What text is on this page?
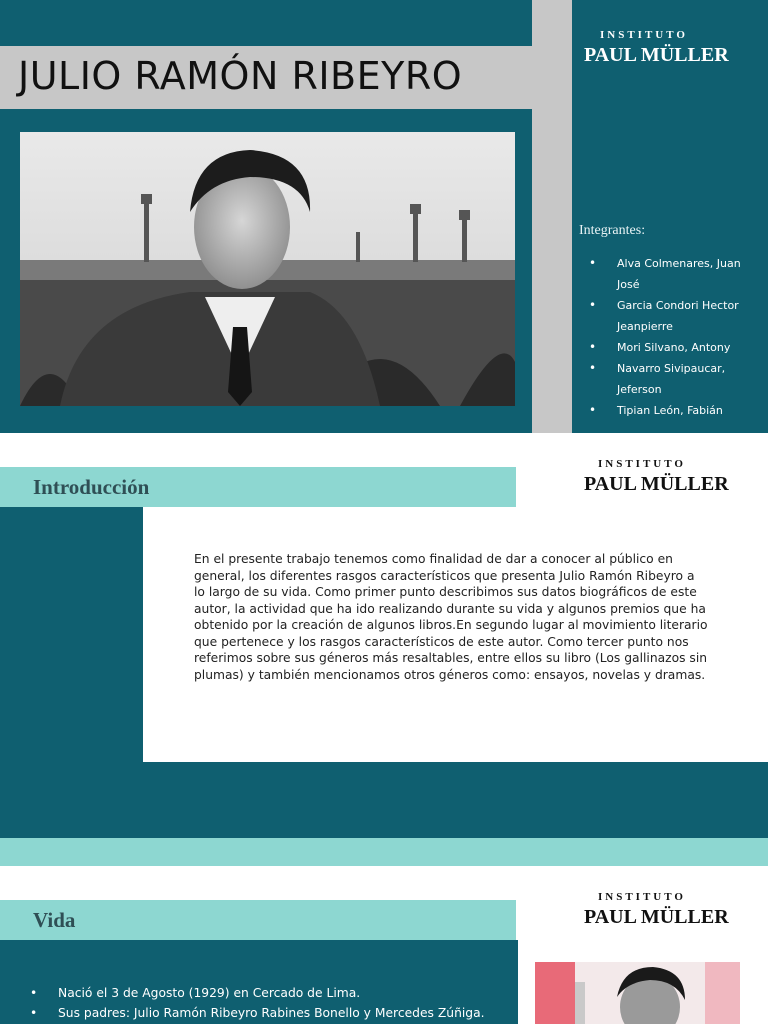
JULIO RAMÓN RIBEYRO
INSTITUTO
PAUL MÜLLER
Integrantes:
• Alva Colmenares, Juan José
• Garcia Condori Hector Jeanpierre
• Mori Silvano, Antony
• Navarro Sivipaucar, Jeferson
• Tipian León, Fabián
Introducción
INSTITUTO
PAUL MÜLLER

En el presente trabajo tenemos como finalidad de dar a conocer al público en general, los diferentes rasgos característicos que presenta Julio Ramón Ribeyro a lo largo de su vida. Como primer punto describimos sus datos biográficos de este autor, la actividad que ha ido realizando durante su vida y algunos premios que ha obtenido por la creación de algunos libros.En segundo lugar al movimiento literario que pertenece y los rasgos característicos de este autor. Como tercer punto nos referimos sobre sus géneros más resaltables, entre ellos su libro (Los gallinazos sin plumas) y también mencionamos otros géneros como: ensayos, novelas y dramas.

Vida
INSTITUTO
PAUL MÜLLER
• Nació el 3 de Agosto (1929) en Cercado de Lima.
• Sus padres: Julio Ramón Ribeyro Rabines Bonello y Mercedes Zúñiga.
